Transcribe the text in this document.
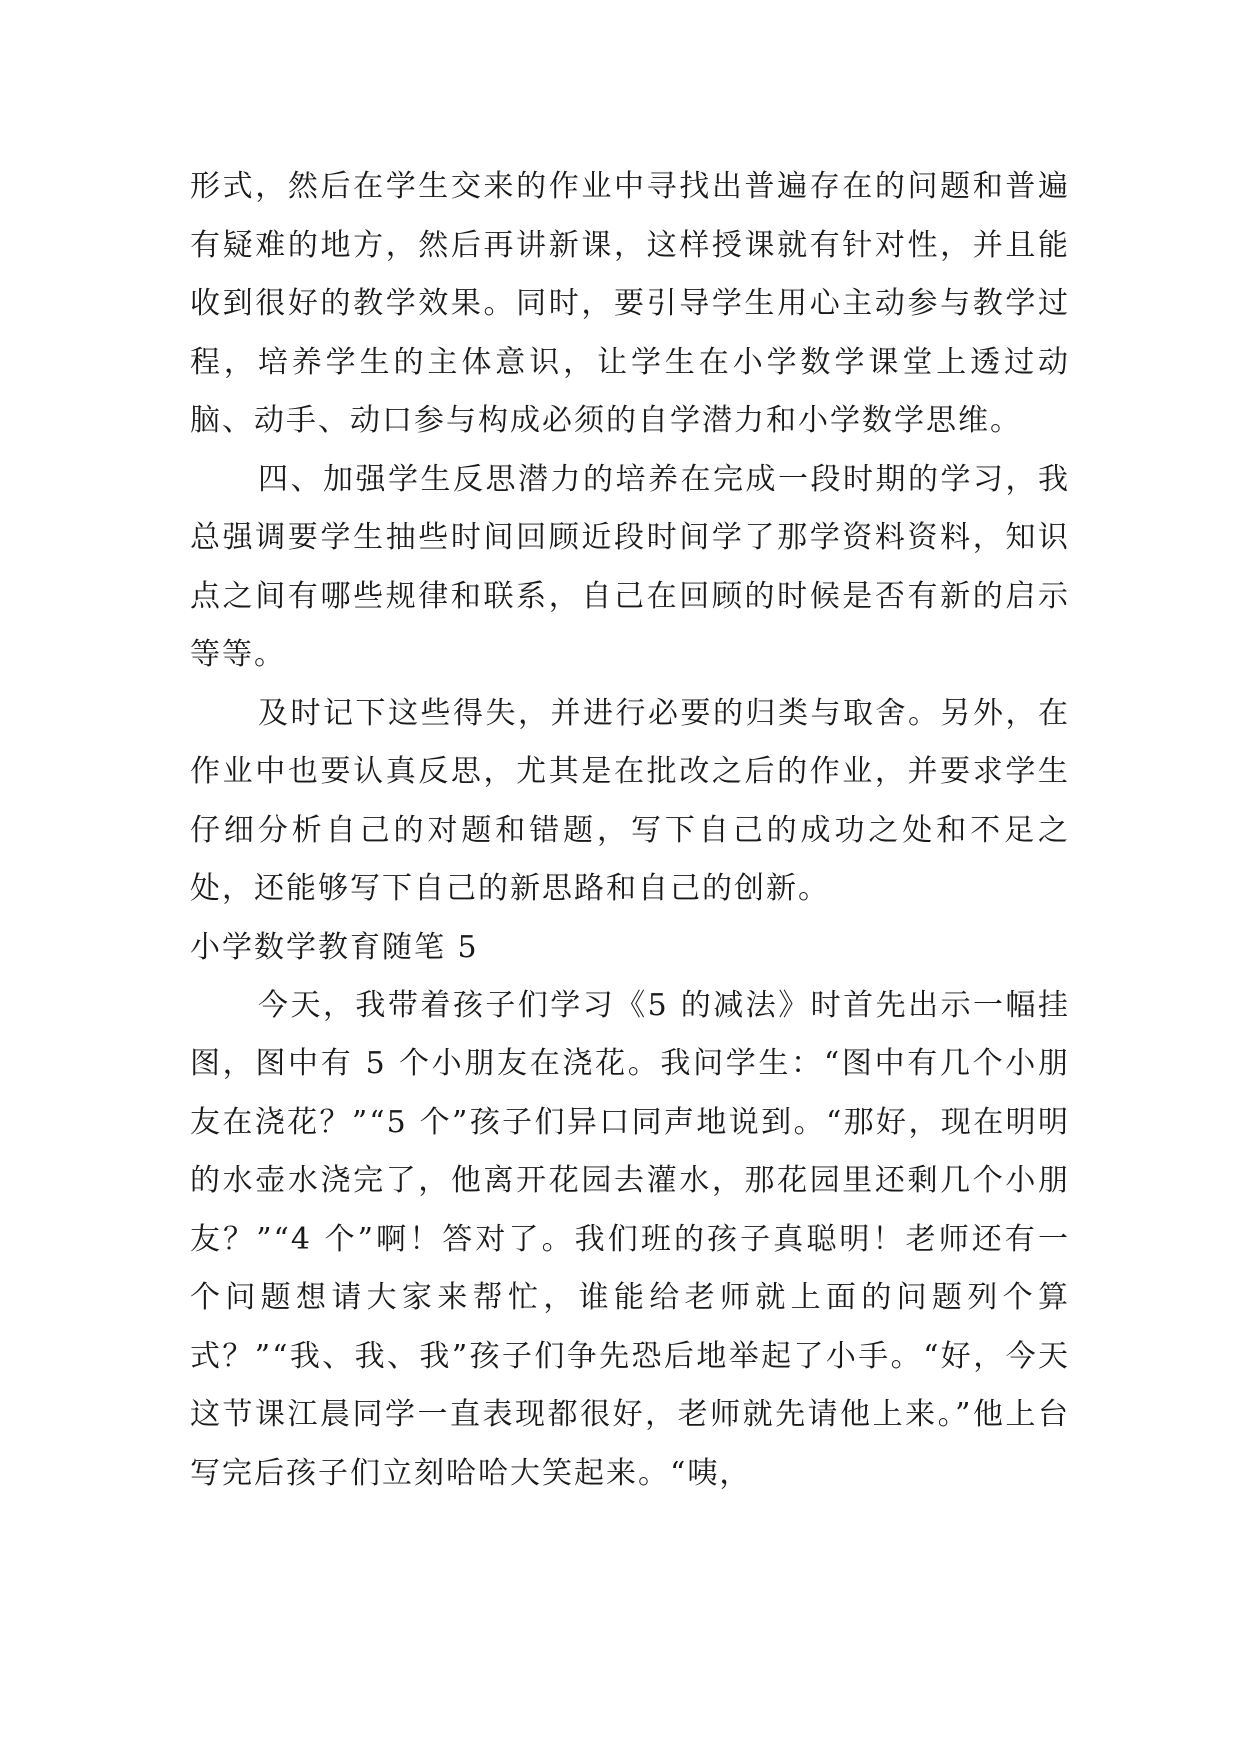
形式，然后在学生交来的作业中寻找出普遍存在的问题和普遍有疑难的地方，然后再讲新课，这样授课就有针对性，并且能收到很好的教学效果。同时，要引导学生用心主动参与教学过程，培养学生的主体意识，让学生在小学数学课堂上透过动脑、动手、动口参与构成必须的自学潜力和小学数学思维。

四、加强学生反思潜力的培养在完成一段时期的学习，我总强调要学生抽些时间回顾近段时间学了那学资料资料，知识点之间有哪些规律和联系，自己在回顾的时候是否有新的启示等等。

及时记下这些得失，并进行必要的归类与取舍。另外，在作业中也要认真反思，尤其是在批改之后的作业，并要求学生仔细分析自己的对题和错题，写下自己的成功之处和不足之处，还能够写下自己的新思路和自己的创新。

小学数学教育随笔 5

今天，我带着孩子们学习《5 的减法》时首先出示一幅挂图，图中有 5 个小朋友在浇花。我问学生：“图中有几个小朋友在浇花？”“5 个”孩子们异口同声地说到。“那好，现在明明的水壶水浇完了，他离开花园去灌水，那花园里还剩几个小朋友？”“4 个”啊！答对了。我们班的孩子真聪明！老师还有一个问题想请大家来帮忙，谁能给老师就上面的问题列个算式？”“我、我、我”孩子们争先恐后地举起了小手。“好，今天这节课江晨同学一直表现都很好，老师就先请他上来。”他上台写完后孩子们立刻哈哈大笑起来。“咦，
